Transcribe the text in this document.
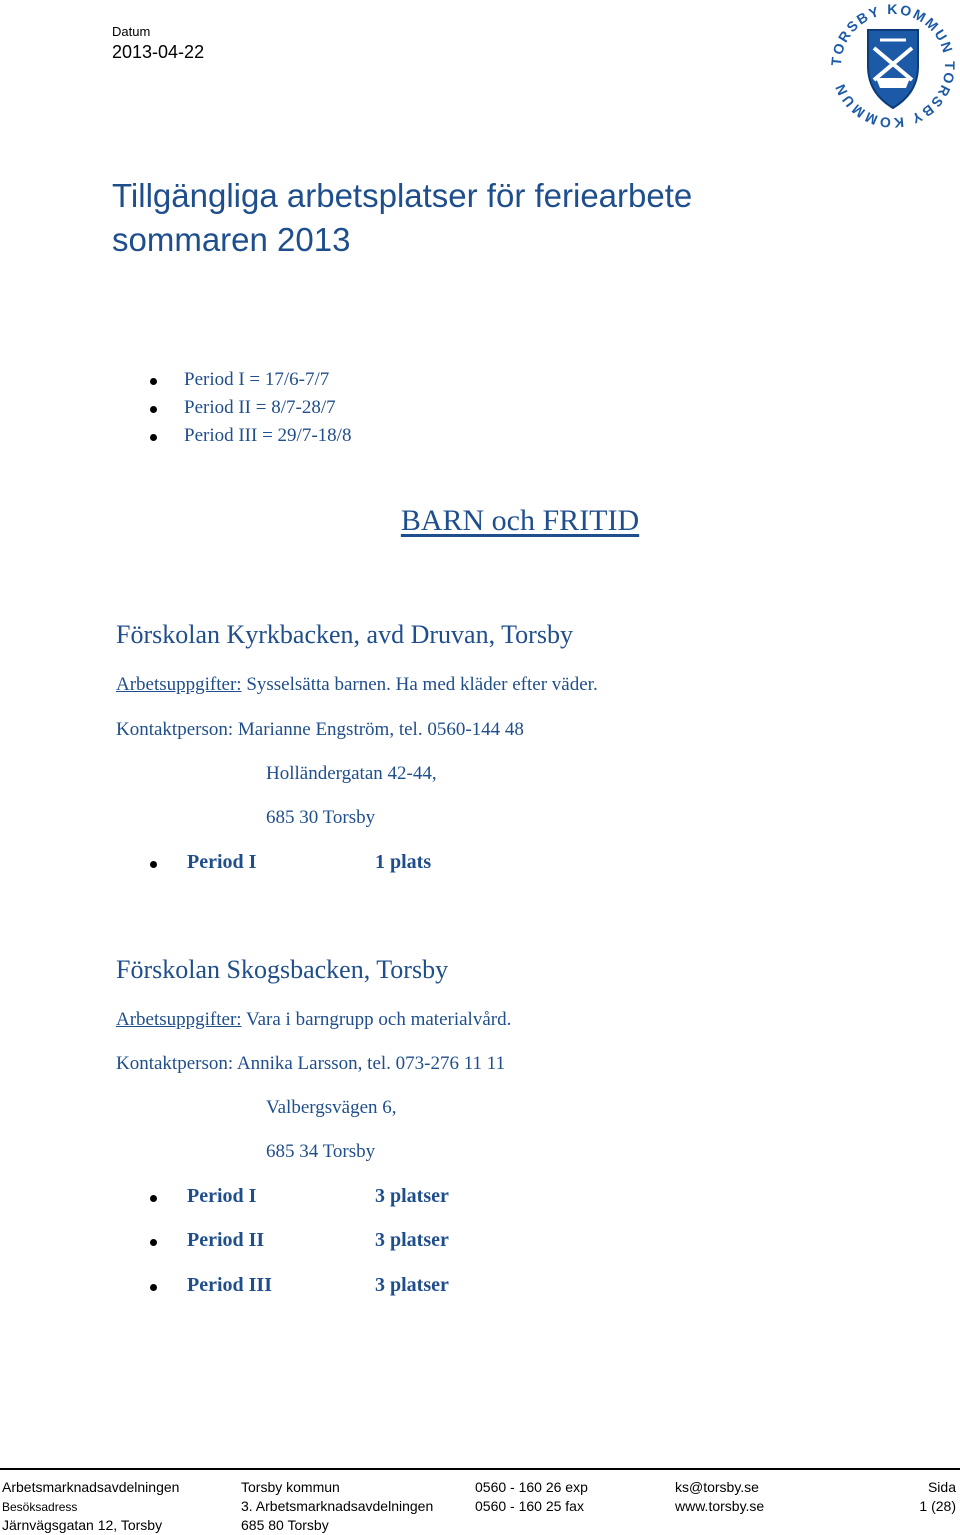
Datum
2013-04-22	TORSBY KOMMUN TORSBY KOMMUN
Tillgängliga arbetsplatser för feriearbete
sommaren 2013
Period I = 17/6-7/7
Period II = 8/7-28/7
Period III = 29/7-18/8
BARN och FRITID
Förskolan Kyrkbacken, avd Druvan, Torsby
Arbetsuppgifter: Sysselsätta barnen. Ha med kläder efter väder.
Kontaktperson: Marianne Engström, tel. 0560-144 48
Holländergatan 42-44,
685 30 Torsby
Period I	1 plats
Förskolan Skogsbacken, Torsby
Arbetsuppgifter: Vara i barngrupp och materialvård.
Kontaktperson: Annika Larsson, tel. 073-276 11 11
Valbergsvägen 6,
685 34 Torsby
Period I	3 platser
Period II	3 platser
Period III	3 platser
Arbetsmarknadsavdelningen
Besöksadress
Järnvägsgatan 12, Torsby
Torsby kommun
3. Arbetsmarknadsavdelningen
685 80 Torsby
0560 - 160 26 exp
0560 - 160 25 fax
ks@torsby.se
www.torsby.se
Sida
1 (28)
